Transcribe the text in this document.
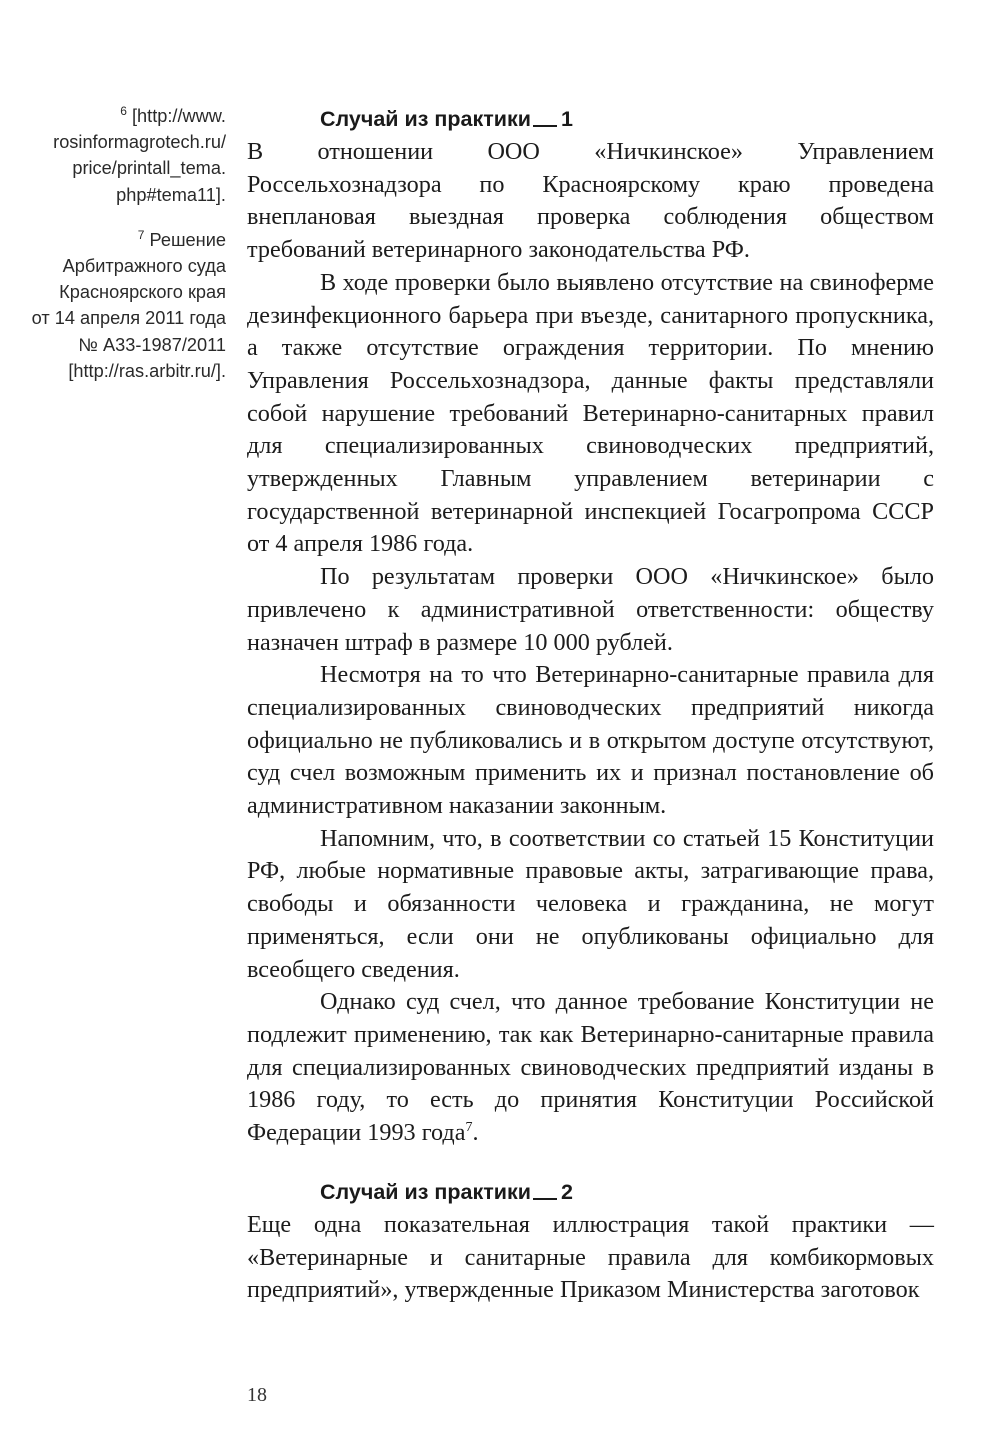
$^6$ [http://www.
rosinformagrotech.ru/
price/printall_tema.
php#tema11].
$^7$ Решение
Арбитражного суда
Красноярского края
от 14 апреля 2011 года
№ А33-1987/2011
[http://ras.arbitr.ru/].
Случай из практики 1

В отношении ООО «Ничкинское» Управлением Россельхознадзора по Красноярскому краю проведена внеплановая выездная проверка соблюдения обществом требований ветеринарного законодательства РФ.

В ходе проверки было выявлено отсутствие на свиноферме дезинфекционного барьера при въезде, санитарного пропускника, а также отсутствие ограждения территории. По мнению Управления Россельхознадзора, данные факты представляли собой нарушение требований Ветеринарно-санитарных правил для специализированных свиноводческих предприятий, утвержденных Главным управлением ветеринарии с государственной ветеринарной инспекцией Госагропрома СССР от 4 апреля 1986 года.

По результатам проверки ООО «Ничкинское» было привлечено к административной ответственности: обществу назначен штраф в размере 10 000 рублей.

Несмотря на то что Ветеринарно-санитарные правила для специализированных свиноводческих предприятий никогда официально не публиковались и в открытом доступе отсутствуют, суд счел возможным применить их и признал постановление об административном наказании законным.

Напомним, что, в соответствии со статьей 15 Конституции РФ, любые нормативные правовые акты, затрагивающие права, свободы и обязанности человека и гражданина, не могут применяться, если они не опубликованы официально для всеобщего сведения.

Однако суд счел, что данное требование Конституции не подлежит применению, так как Ветеринарно-санитарные правила для специализированных свиноводческих предприятий изданы в 1986 году, то есть до принятия Конституции Российской Федерации 1993 года$^7$.

Случай из практики 2

Еще одна показательная иллюстрация такой практики — «Ветеринарные и санитарные правила для комбикормовых предприятий», утвержденные Приказом Министерства заготовок

18
